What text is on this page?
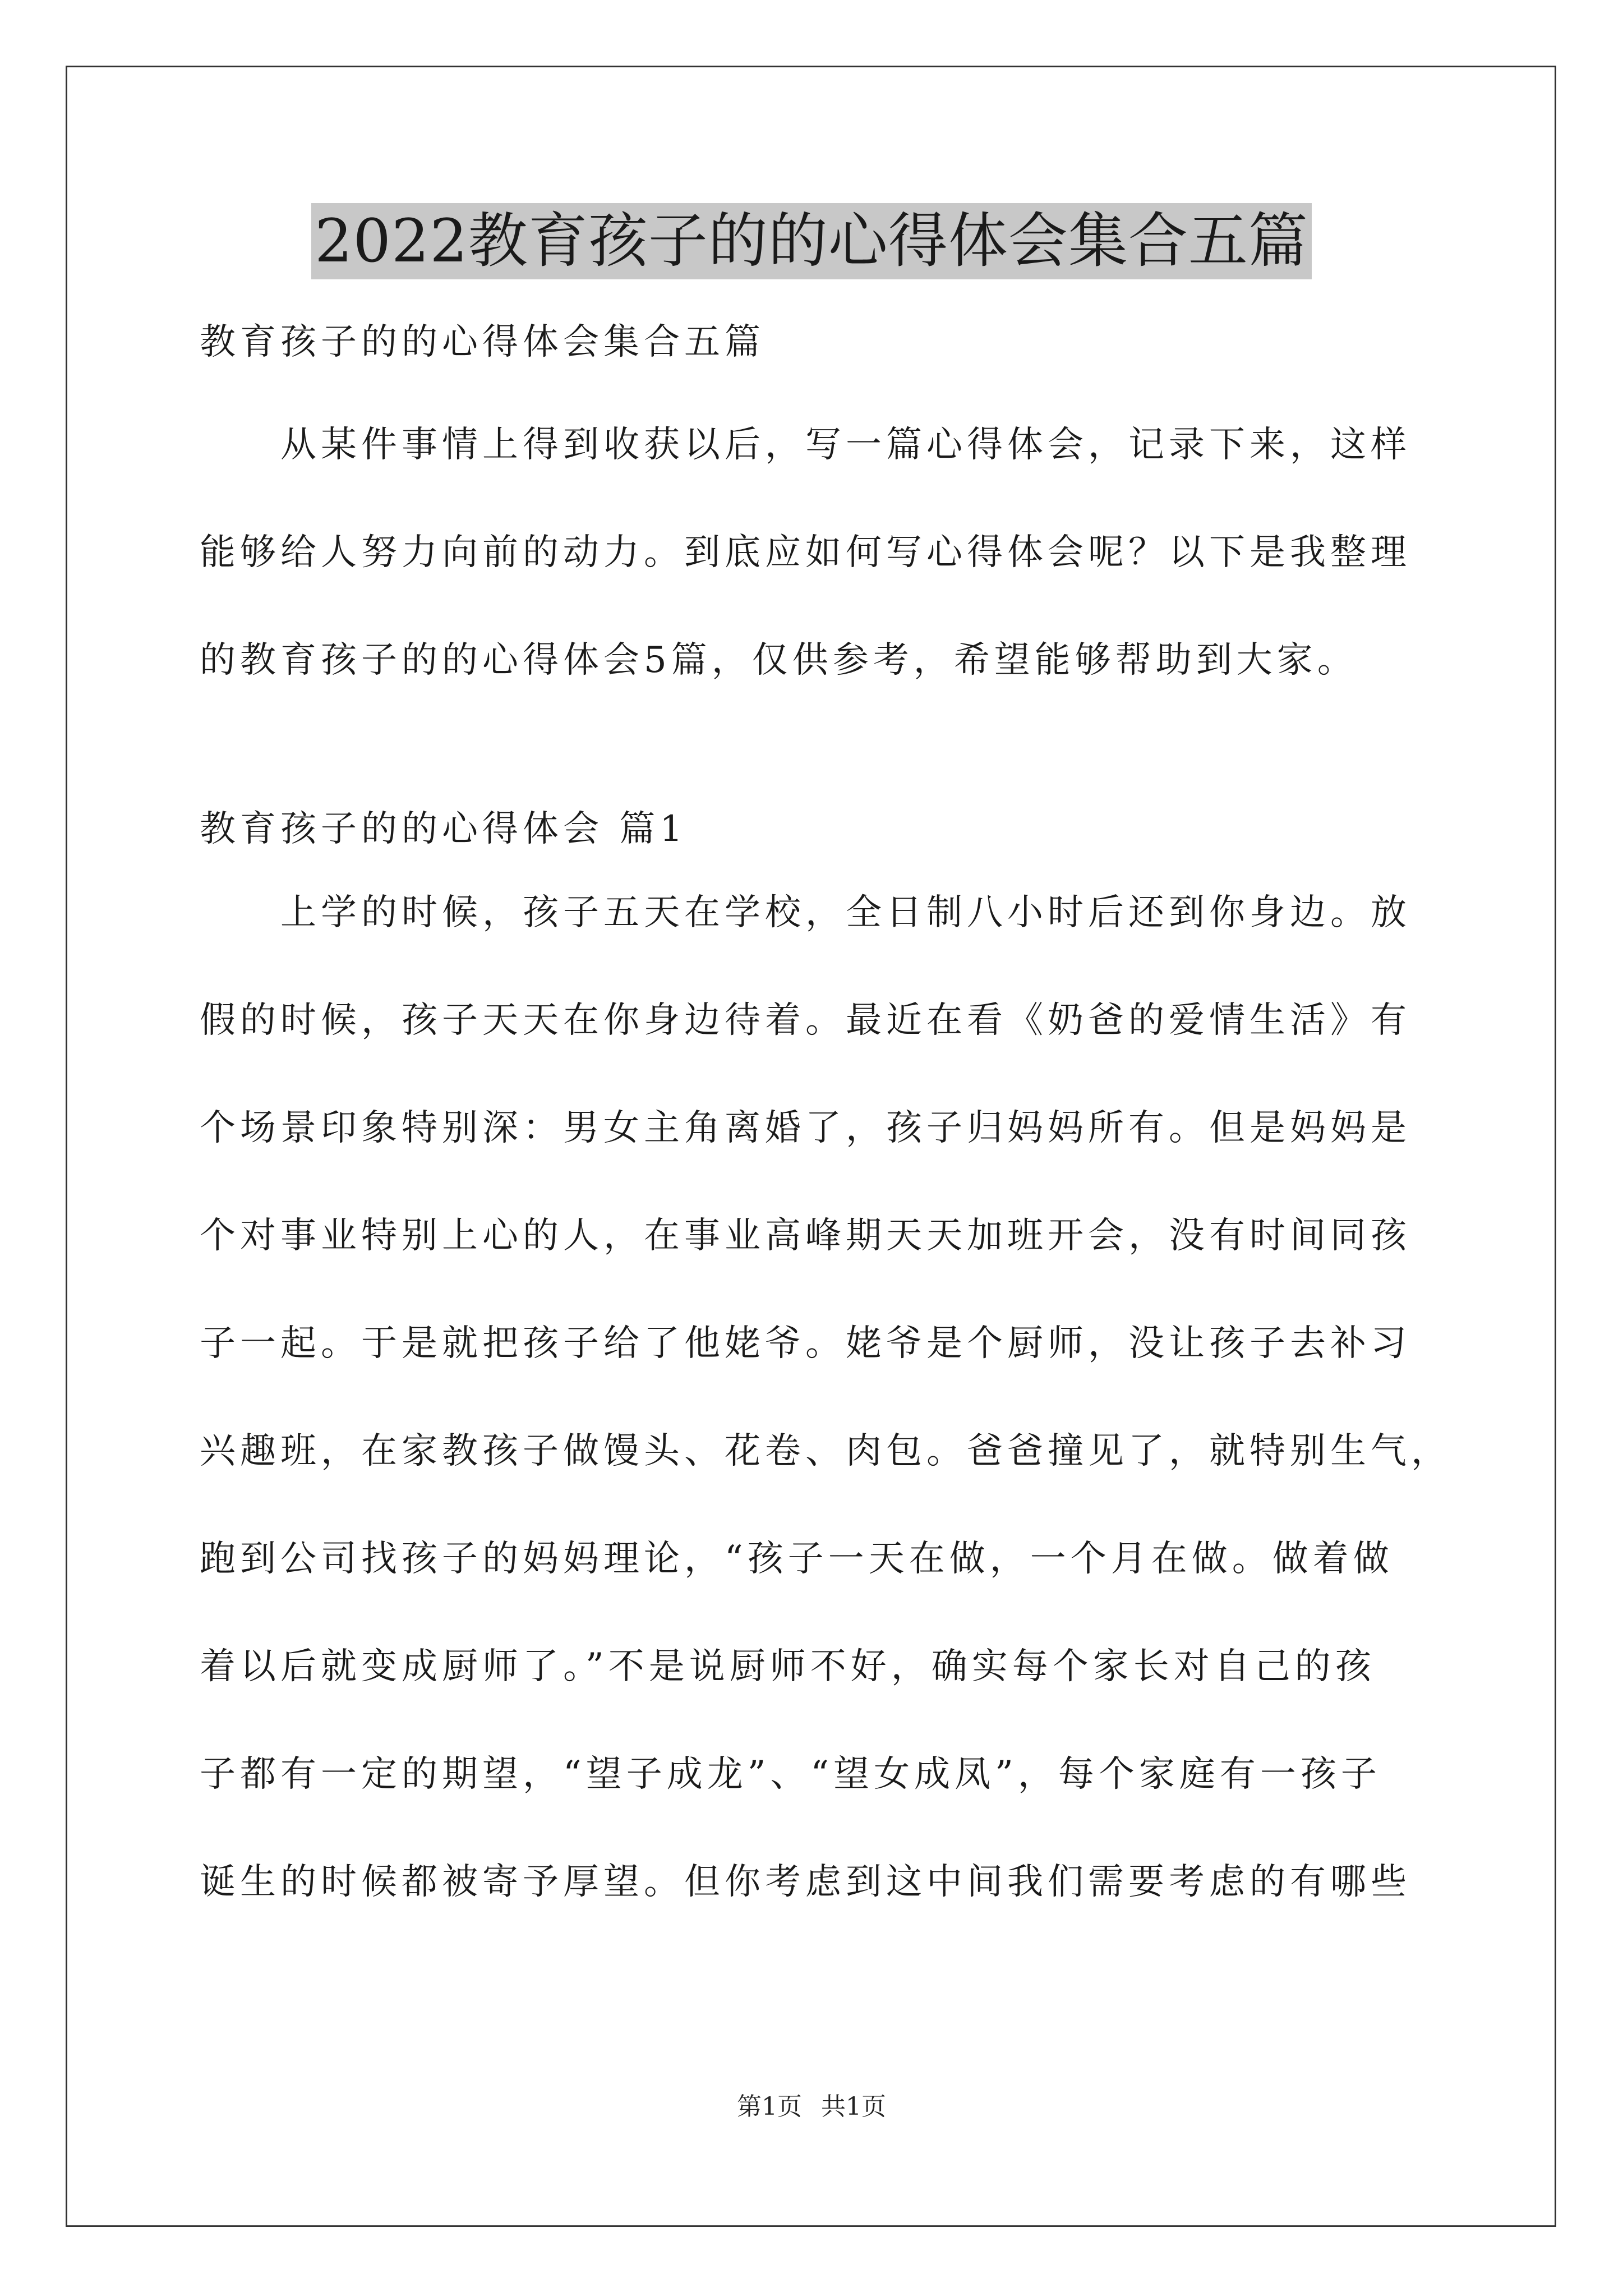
2022教育孩子的的心得体会集合五篇
教育孩子的的心得体会集合五篇
从某件事情上得到收获以后，写一篇心得体会，记录下来，这样
能够给人努力向前的动力。到底应如何写心得体会呢？以下是我整理
的教育孩子的的心得体会5篇，仅供参考，希望能够帮助到大家。
教育孩子的的心得体会 篇1
上学的时候，孩子五天在学校，全日制八小时后还到你身边。放
假的时候，孩子天天在你身边待着。最近在看《奶爸的爱情生活》有
个场景印象特别深：男女主角离婚了，孩子归妈妈所有。但是妈妈是
个对事业特别上心的人，在事业高峰期天天加班开会，没有时间同孩
子一起。于是就把孩子给了他姥爷。姥爷是个厨师，没让孩子去补习
兴趣班，在家教孩子做馒头、花卷、肉包。爸爸撞见了，就特别生气，
跑到公司找孩子的妈妈理论，“孩子一天在做，一个月在做。做着做
着以后就变成厨师了。”不是说厨师不好，确实每个家长对自己的孩
子都有一定的期望，“望子成龙”、“望女成凤”，每个家庭有一孩子
诞生的时候都被寄予厚望。但你考虑到这中间我们需要考虑的有哪些
第1页 共1页
